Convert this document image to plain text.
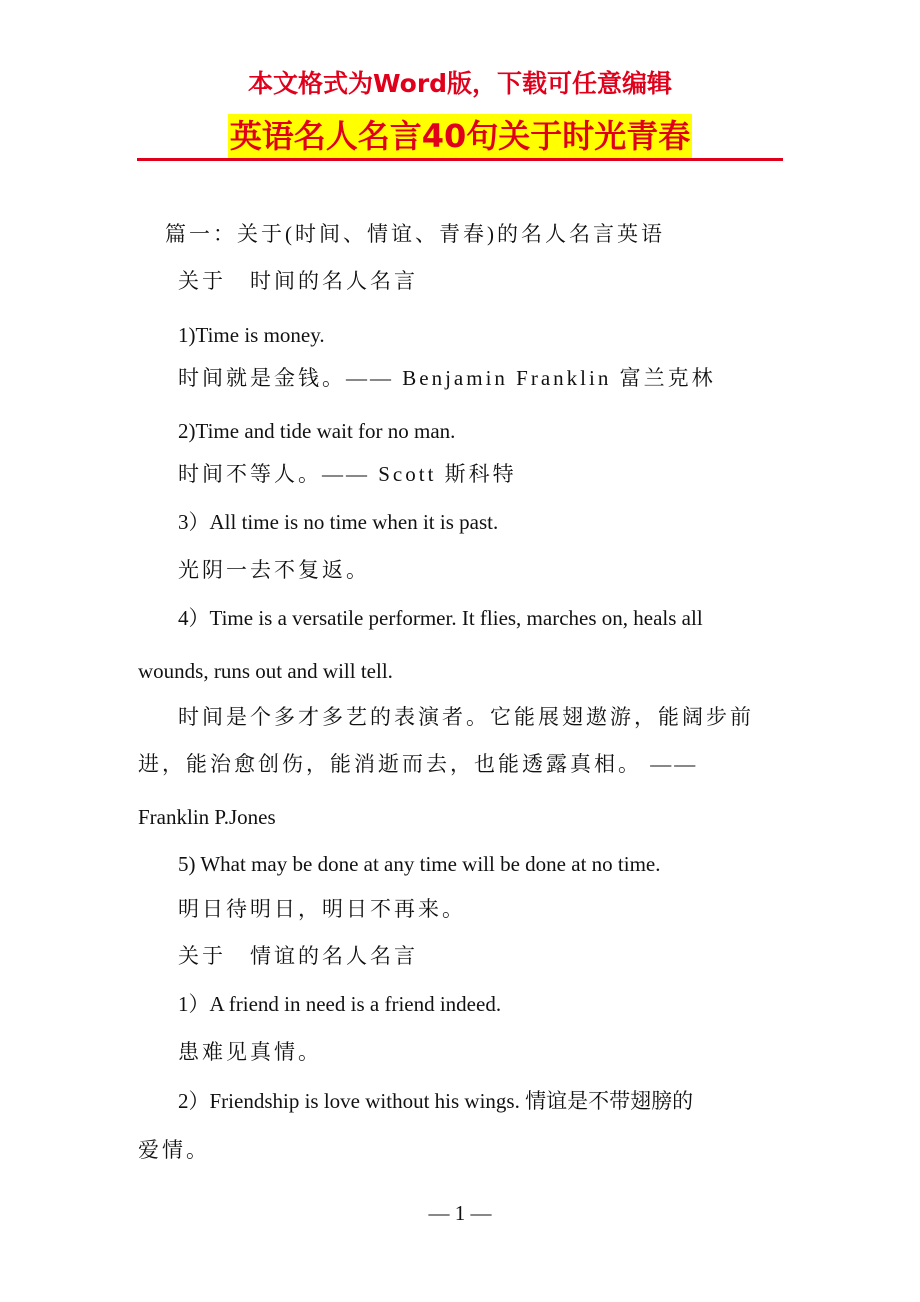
本文格式为Word版，下载可任意编辑
英语名人名言40句关于时光青春
篇一：关于(时间、情谊、青春)的名人名言英语
关于　时间的名人名言
1)Time is money.
时间就是金钱。—— Benjamin Franklin 富兰克林
2)Time and tide wait for no man.
时间不等人。—— Scott 斯科特
3）All time is no time when it is past.
光阴一去不复返。
4）Time is a versatile performer. It flies, marches on, heals all
wounds, runs out and will tell.
时间是个多才多艺的表演者。它能展翅遨游，能阔步前
进，能治愈创伤，能消逝而去，也能透露真相。 ——
Franklin P.Jones
5) What may be done at any time will be done at no time.
明日待明日，明日不再来。
关于　情谊的名人名言
1）A friend in need is a friend indeed.
患难见真情。
2）Friendship is love without his wings. 情谊是不带翅膀的
爱情。
— 1 —
